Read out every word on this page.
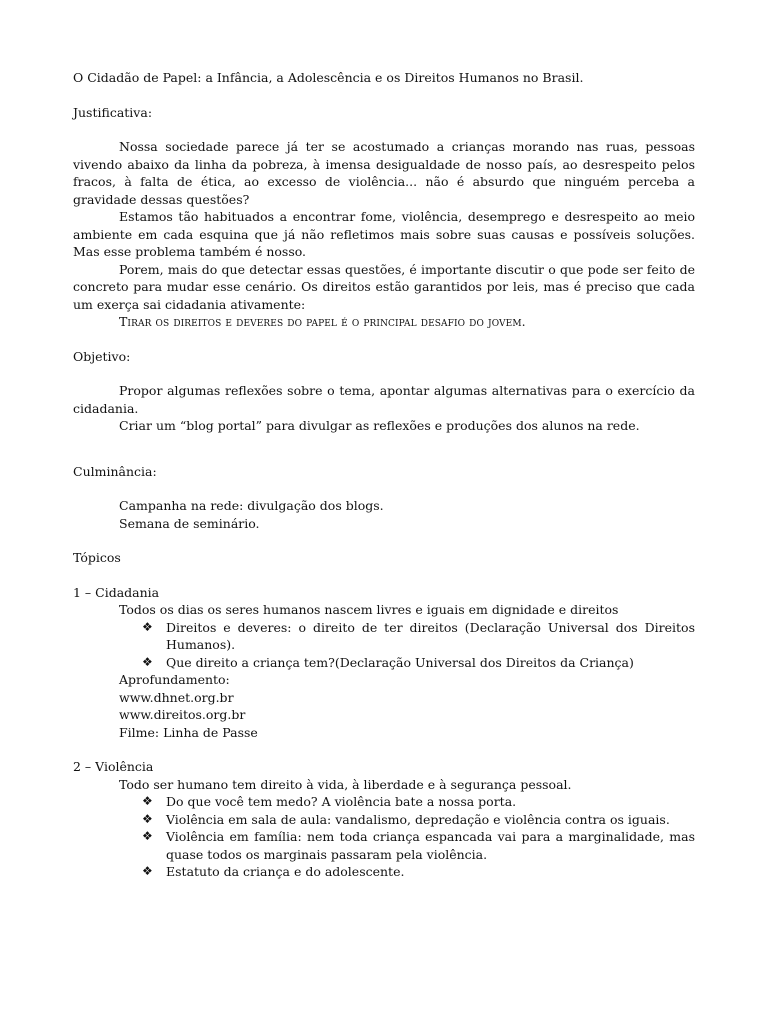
O Cidadão de Papel: a Infância, a Adolescência e os Direitos Humanos no Brasil.

Justificativa:

Nossa sociedade parece já ter se acostumado a crianças morando nas ruas, pessoas vivendo abaixo da linha da pobreza, à imensa desigualdade de nosso país, ao desrespeito pelos fracos, à falta de ética, ao excesso de violência... não é absurdo que ninguém perceba a gravidade dessas questões?

Estamos tão habituados a encontrar fome, violência, desemprego e desrespeito ao meio ambiente em cada esquina que já não refletimos mais sobre suas causas e possíveis soluções. Mas esse problema também é nosso.

Porem, mais do que detectar essas questões, é importante discutir o que pode ser feito de concreto para mudar esse cenário. Os direitos estão garantidos por leis, mas é preciso que cada um exerça sai cidadania ativamente:

Tirar os direitos e deveres do papel é o principal desafio do jovem.

Objetivo:

Propor algumas reflexões sobre o tema, apontar algumas alternativas para o exercício da cidadania.

Criar um “blog portal” para divulgar as reflexões e produções dos alunos na rede.

Culminância:

Campanha na rede: divulgação dos blogs.

Semana de seminário.

Tópicos

1 – Cidadania

Todos os dias os seres humanos nascem livres e iguais em dignidade e direitos

❖ Direitos e deveres: o direito de ter direitos (Declaração Universal dos Direitos Humanos).
❖ Que direito a criança tem?(Declaração Universal dos Direitos da Criança)

Aprofundamento:

www.dhnet.org.br

www.direitos.org.br

Filme: Linha de Passe

2 – Violência

Todo ser humano tem direito à vida, à liberdade e à segurança pessoal.

❖ Do que você tem medo? A violência bate a nossa porta.
❖ Violência em sala de aula: vandalismo, depredação e violência contra os iguais.
❖ Violência em família: nem toda criança espancada vai para a marginalidade, mas quase todos os marginais passaram pela violência.
❖ Estatuto da criança e do adolescente.
